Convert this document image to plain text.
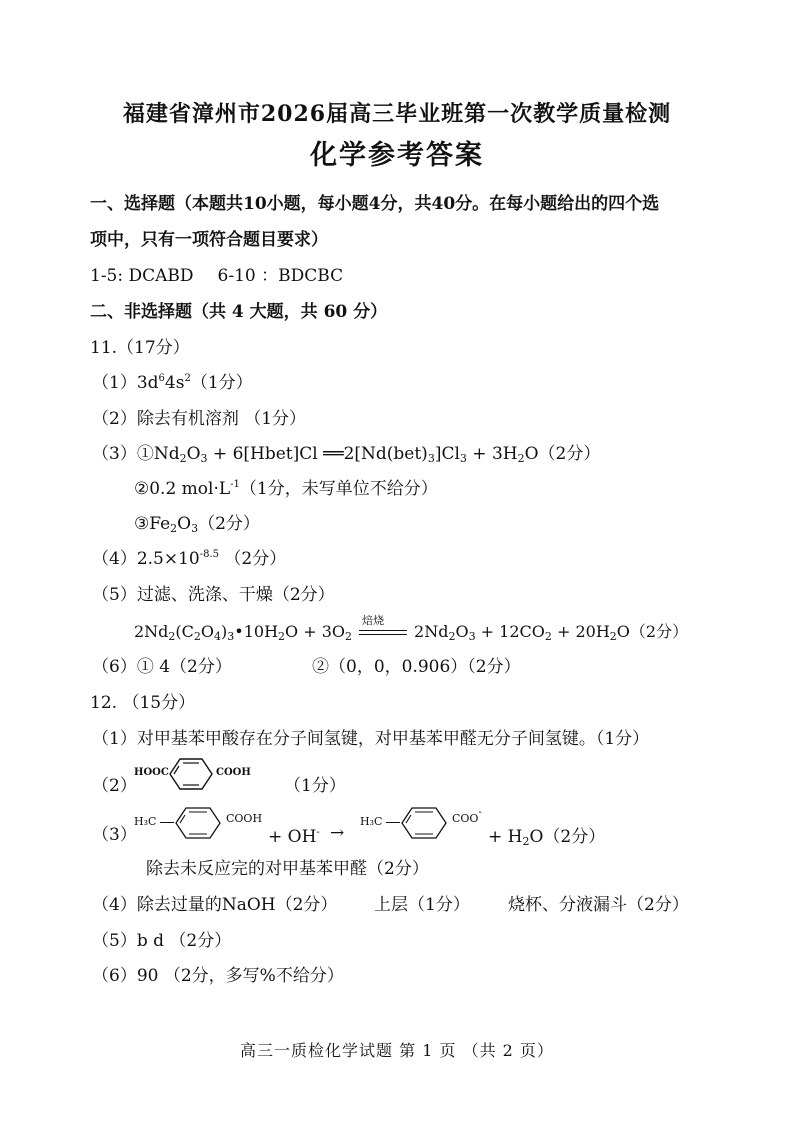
福建省漳州市2026届高三毕业班第一次教学质量检测
化学参考答案
一、选择题（本题共10小题，每小题4分，共40分。在每小题给出的四个选
项中，只有一项符合题目要求）
1-5: DCABD 6-10 ：BDCBC
二、非选择题（共 4 大题，共 60 分）
11.（17分）
$(1)3d^64s^2(1$分）
（2）除去有机溶剂 （1分）
$(3)①Nd_2O_3$ + 6[Hbet]Cl $══2[Nd(bet)_3]Cl_3 + 3H_2O(2$分）
②0.2 $mol\cdot L^{-1}(1$分，未写单位不给分）
$③Fe_2O_3(2$分）
$(4)2.5\times 10^{-8.5}$ （2分）
（5）过滤、洗涤、干燥（2分）
$2Nd_2(C_2O_4)_3•10H_2O + 3O_2$
焙烧
$2Nd_2O_3 + 12CO_2 + 20H_2O(2$分）
（6）① 4（2分）	②（0，0，0.906）（2分）
12. （15分）
（1）对甲基苯甲酸存在分子间氢键，对甲基苯甲醛无分子间氢键。（1分）
（2）
HOOC	COOH
（1分）
（3）
H₃C	COOH
+ OH- →
H₃C	COO-
+ $H_2O(2$分）
除去未反应完的对甲基苯甲醛（2分）
（4）除去过量的NaOH（2分） 上层（1分） 烧杯、分液漏斗（2分）
（5）b d （2分）
（6）90 （2分，多写%不给分）
高三一质检化学试题 第 1 页 （共 2 页）
